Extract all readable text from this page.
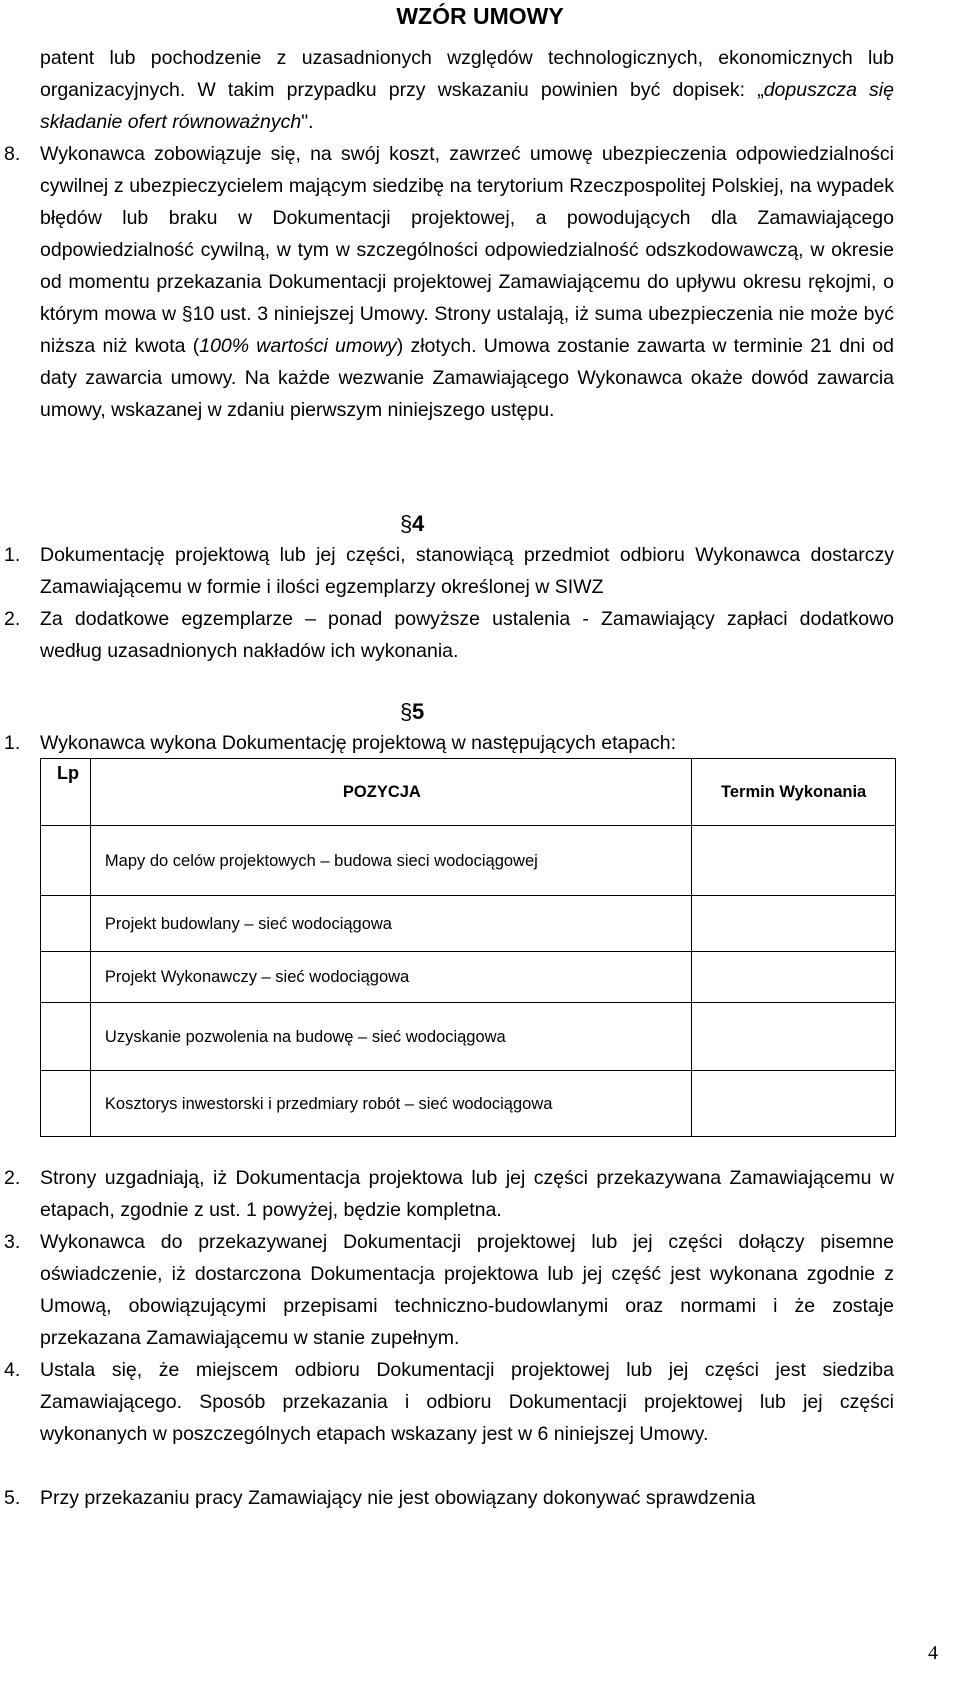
WZÓR UMOWY
patent lub pochodzenie z uzasadnionych względów technologicznych, ekonomicznych lub organizacyjnych. W takim przypadku przy wskazaniu powinien być dopisek: „dopuszcza się składanie ofert równoważnych".
8. Wykonawca zobowiązuje się, na swój koszt, zawrzeć umowę ubezpieczenia odpowiedzialności cywilnej z ubezpieczycielem mającym siedzibę na terytorium Rzeczpospolitej Polskiej, na wypadek błędów lub braku w Dokumentacji projektowej, a powodujących dla Zamawiającego odpowiedzialność cywilną, w tym w szczególności odpowiedzialność odszkodowawczą, w okresie od momentu przekazania Dokumentacji projektowej Zamawiającemu do upływu okresu rękojmi, o którym mowa w §10 ust. 3 niniejszej Umowy. Strony ustalają, iż suma ubezpieczenia nie może być niższa niż kwota (100% wartości umowy) złotych. Umowa zostanie zawarta w terminie 21 dni od daty zawarcia umowy. Na każde wezwanie Zamawiającego Wykonawca okaże dowód zawarcia umowy, wskazanej w zdaniu pierwszym niniejszego ustępu.
§4
1. Dokumentację projektową lub jej części, stanowiącą przedmiot odbioru Wykonawca dostarczy Zamawiającemu w formie i ilości egzemplarzy określonej w SIWZ
2. Za dodatkowe egzemplarze – ponad powyższe ustalenia - Zamawiający zapłaci dodatkowo według uzasadnionych nakładów ich wykonania.
§5
1. Wykonawca wykona Dokumentację projektową w następujących etapach:
Lp	POZYCJA	Termin Wykonania
	Mapy do celów projektowych – budowa sieci wodociągowej	
	Projekt budowlany – sieć wodociągowa	
	Projekt Wykonawczy – sieć wodociągowa	
	Uzyskanie pozwolenia na budowę – sieć wodociągowa	
	Kosztorys inwestorski i przedmiary robót – sieć wodociągowa	
2. Strony uzgadniają, iż Dokumentacja projektowa lub jej części przekazywana Zamawiającemu w etapach, zgodnie z ust. 1 powyżej, będzie kompletna.
3. Wykonawca do przekazywanej Dokumentacji projektowej lub jej części dołączy pisemne oświadczenie, iż dostarczona Dokumentacja projektowa lub jej część jest wykonana zgodnie z Umową, obowiązującymi przepisami techniczno-budowlanymi oraz normami i że zostaje przekazana Zamawiającemu w stanie zupełnym.
4. Ustala się, że miejscem odbioru Dokumentacji projektowej lub jej części jest siedziba Zamawiającego. Sposób przekazania i odbioru Dokumentacji projektowej lub jej części wykonanych w poszczególnych etapach wskazany jest w 6 niniejszej Umowy.
5. Przy przekazaniu pracy Zamawiający nie jest obowiązany dokonywać sprawdzenia
4
